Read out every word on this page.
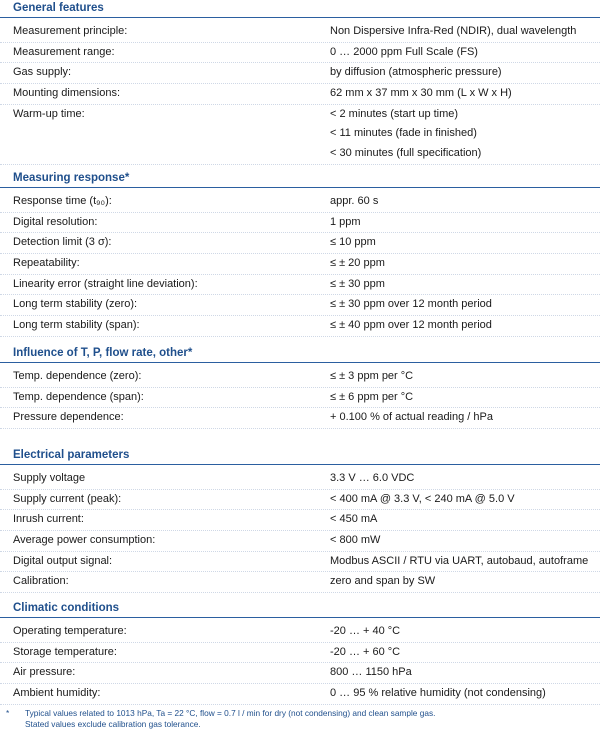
General features
Measurement principle:	Non Dispersive Infra-Red (NDIR), dual wavelength
Measurement range:	0 … 2000 ppm Full Scale (FS)
Gas supply:	by diffusion (atmospheric pressure)
Mounting dimensions:	62 mm x 37 mm x 30 mm (L x W x H)
Warm-up time:	< 2 minutes (start up time)
< 11 minutes (fade in finished)
< 30 minutes (full specification)
Measuring response*
Response time (t₉₀):	appr. 60 s
Digital resolution:	1 ppm
Detection limit (3 σ):	≤ 10 ppm
Repeatability:	≤ ± 20 ppm
Linearity error (straight line deviation):	≤ ± 30 ppm
Long term stability (zero):	≤ ± 30 ppm over 12 month period
Long term stability (span):	≤ ± 40 ppm over 12 month period
Influence of T, P, flow rate, other*
Temp. dependence (zero):	≤ ± 3 ppm per °C
Temp. dependence (span):	≤ ± 6 ppm per °C
Pressure dependence:	+ 0.100 % of actual reading / hPa
Electrical parameters
Supply voltage	3.3 V … 6.0 VDC
Supply current (peak):	< 400 mA @ 3.3 V, < 240 mA @ 5.0 V
Inrush current:	< 450 mA
Average power consumption:	< 800 mW
Digital output signal:	Modbus ASCII / RTU via UART, autobaud, autoframe
Calibration:	zero and span by SW
Climatic conditions
Operating temperature:	-20 … + 40 °C
Storage temperature:	-20 … + 60 °C
Air pressure:	800 … 1150 hPa
Ambient humidity:	0 … 95 % relative humidity (not condensing)
* Typical values related to 1013 hPa, Ta = 22 °C, flow = 0.7 l / min for dry (not condensing) and clean sample gas.
Stated values exclude calibration gas tolerance.
